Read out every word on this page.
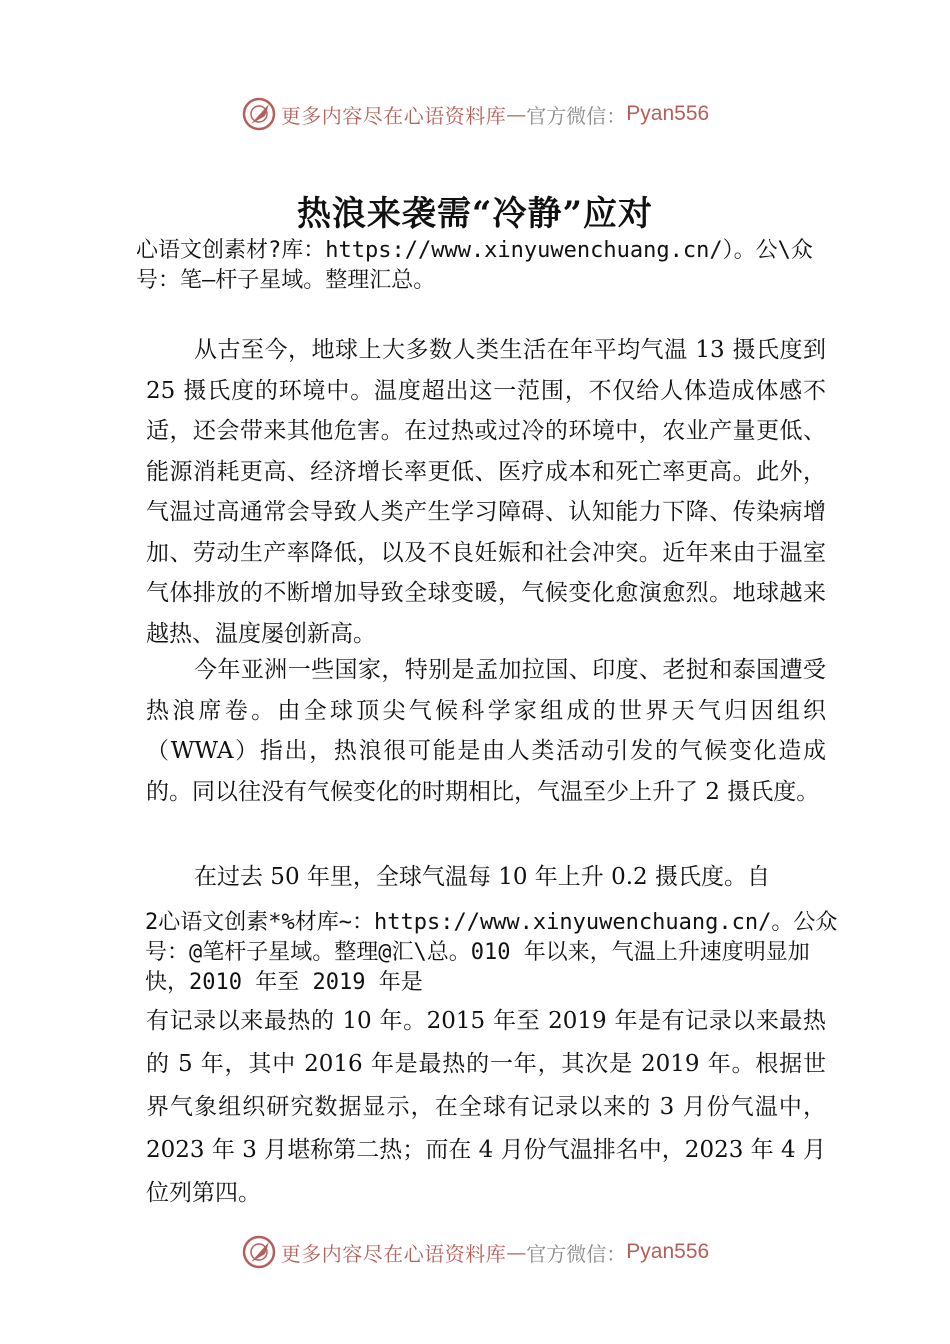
更多内容尽在心语资料库 — 官方微信： Pyan556
热浪来袭需“冷静”应对
心语文创素材?库：https://www.xinyuwenchuang.cn/）。公\众号：笔—杆子星域。整理汇总。
从古至今，地球上大多数人类生活在年平均气温 13 摄氏度到 25 摄氏度的环境中。温度超出这一范围，不仅给人体造成体感不适，还会带来其他危害。在过热或过冷的环境中，农业产量更低、能源消耗更高、经济增长率更低、医疗成本和死亡率更高。此外，气温过高通常会导致人类产生学习障碍、认知能力下降、传染病增加、劳动生产率降低，以及不良妊娠和社会冲突。近年来由于温室气体排放的不断增加导致全球变暖，气候变化愈演愈烈。地球越来越热、温度屡创新高。
今年亚洲一些国家，特别是孟加拉国、印度、老挝和泰国遭受热浪席卷。由全球顶尖气候科学家组成的世界天气归因组织（WWA）指出，热浪很可能是由人类活动引发的气候变化造成的。同以往没有气候变化的时期相比，气温至少上升了 2 摄氏度。
在过去 50 年里，全球气温每 10 年上升 0.2 摄氏度。自
2心语文创素*%材库~：https://www.xinyuwenchuang.cn/。公众号：@笔杆子星域。整理@汇\总。010 年以来，气温上升速度明显加快，2010 年至 2019 年是
有记录以来最热的 10 年。2015 年至 2019 年是有记录以来最热的 5 年，其中 2016 年是最热的一年，其次是 2019 年。根据世界气象组织研究数据显示，在全球有记录以来的 3 月份气温中，2023 年 3 月堪称第二热；而在 4 月份气温排名中，2023 年 4 月位列第四。
更多内容尽在心语资料库 — 官方微信： Pyan556
